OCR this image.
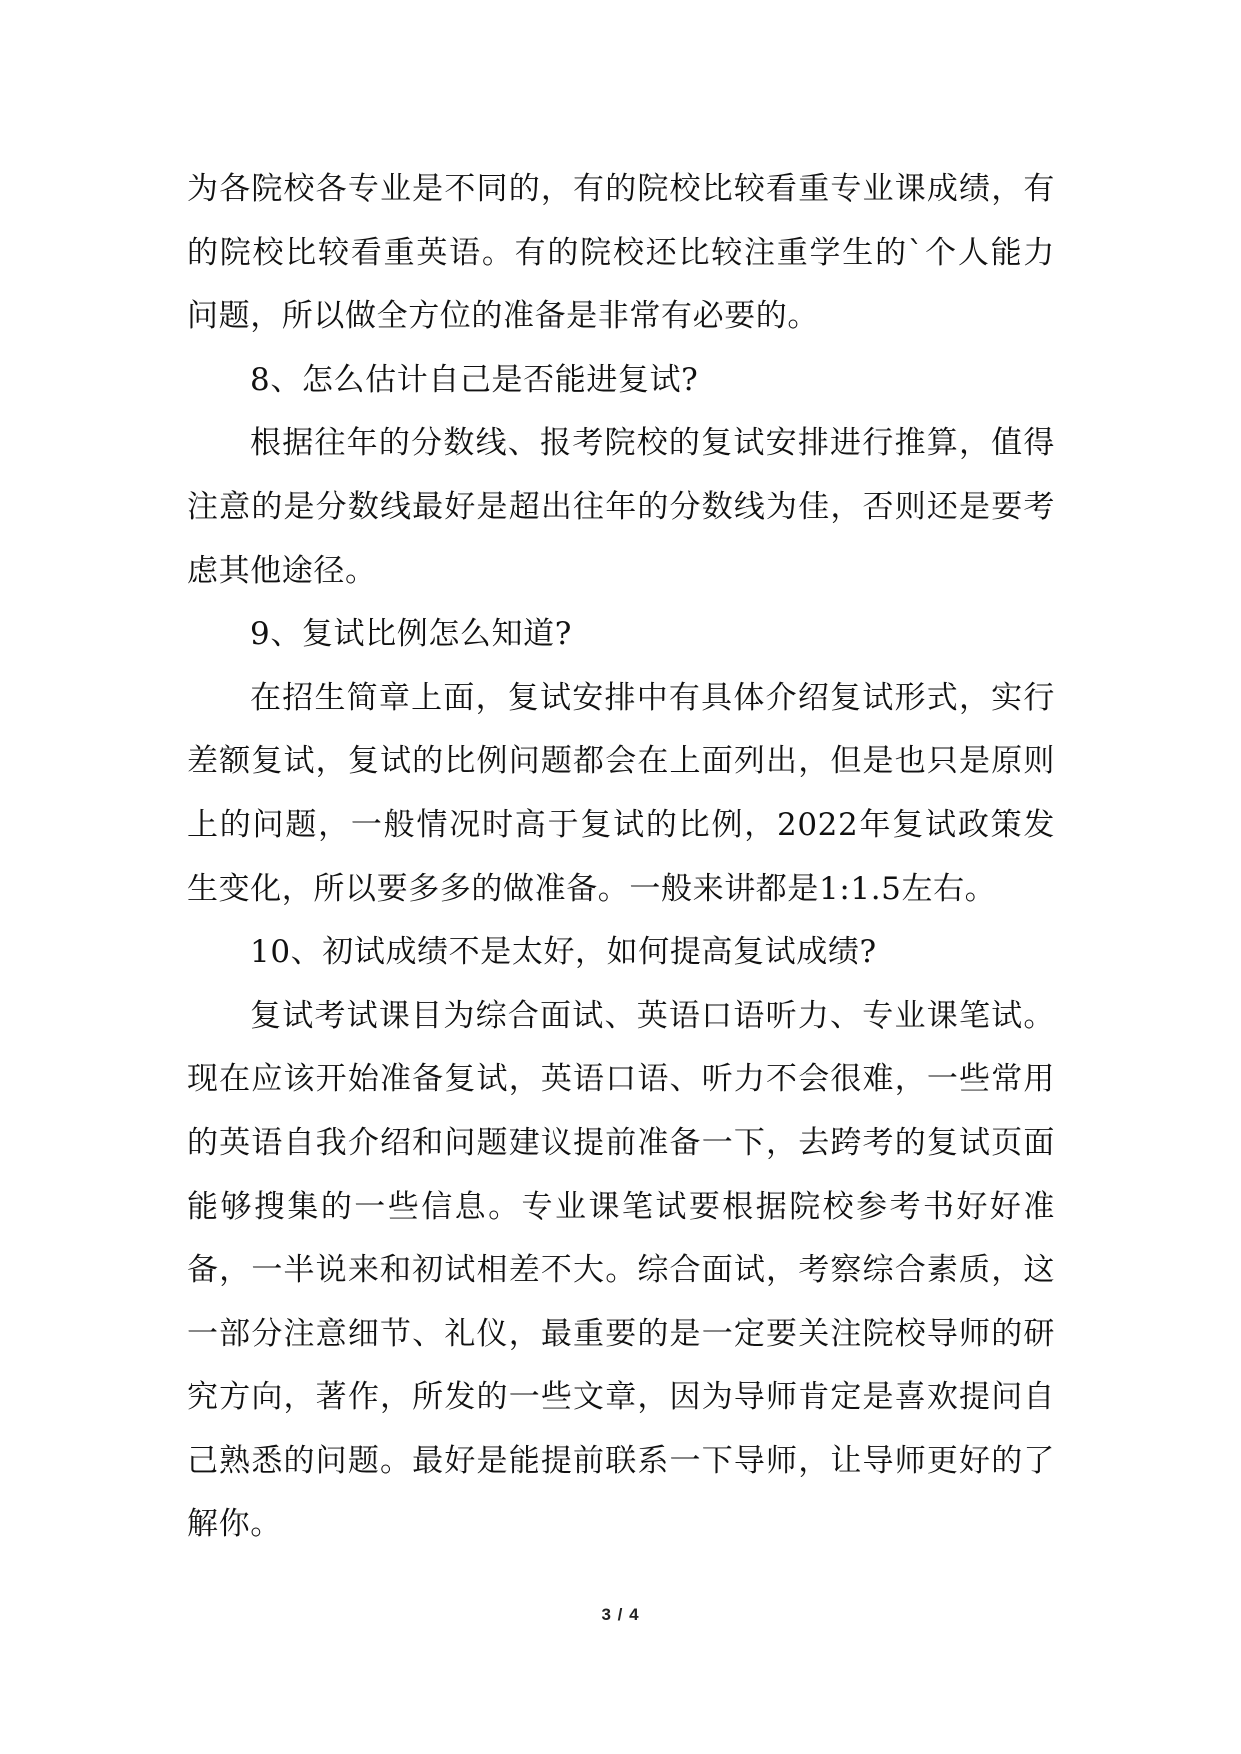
为各院校各专业是不同的，有的院校比较看重专业课成绩，有的院校比较看重英语。有的院校还比较注重学生的`个人能力问题，所以做全方位的准备是非常有必要的。

8、怎么估计自己是否能进复试?

根据往年的分数线、报考院校的复试安排进行推算，值得注意的是分数线最好是超出往年的分数线为佳，否则还是要考虑其他途径。

9、复试比例怎么知道?

在招生简章上面，复试安排中有具体介绍复试形式，实行差额复试，复试的比例问题都会在上面列出，但是也只是原则上的问题，一般情况时高于复试的比例，2022年复试政策发生变化，所以要多多的做准备。一般来讲都是1:1.5左右。

10、初试成绩不是太好，如何提高复试成绩?

复试考试课目为综合面试、英语口语听力、专业课笔试。现在应该开始准备复试，英语口语、听力不会很难，一些常用的英语自我介绍和问题建议提前准备一下，去跨考的复试页面能够搜集的一些信息。专业课笔试要根据院校参考书好好准备，一半说来和初试相差不大。综合面试，考察综合素质，这一部分注意细节、礼仪，最重要的是一定要关注院校导师的研究方向，著作，所发的一些文章，因为导师肯定是喜欢提问自己熟悉的问题。最好是能提前联系一下导师，让导师更好的了解你。

3 / 4
